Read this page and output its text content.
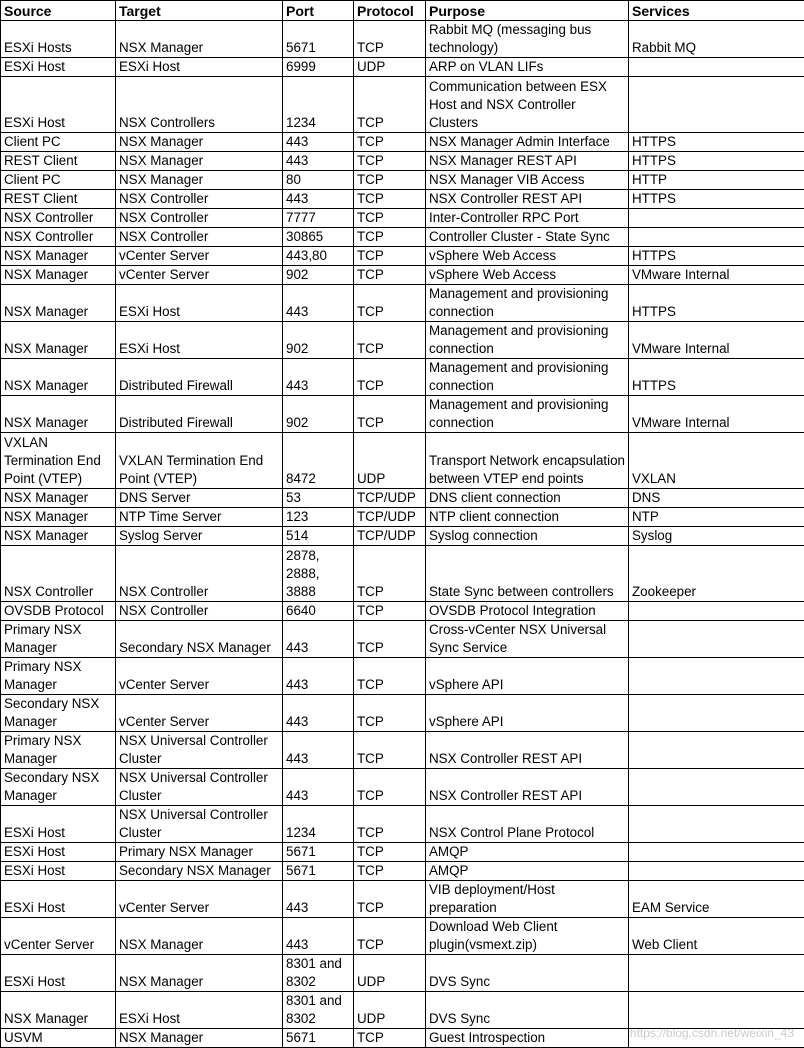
Source	Target	Port	Protocol	Purpose	Services
ESXi Hosts	NSX Manager	5671	TCP	Rabbit MQ (messaging bus technology)	Rabbit MQ
ESXi Host	ESXi Host	6999	UDP	ARP on VLAN LIFs	
ESXi Host	NSX Controllers	1234	TCP	Communication between ESX Host and NSX Controller Clusters	
Client PC	NSX Manager	443	TCP	NSX Manager Admin Interface	HTTPS
REST Client	NSX Manager	443	TCP	NSX Manager REST API	HTTPS
Client PC	NSX Manager	80	TCP	NSX Manager VIB Access	HTTP
REST Client	NSX Controller	443	TCP	NSX Controller REST API	HTTPS
NSX Controller	NSX Controller	7777	TCP	Inter-Controller RPC Port	
NSX Controller	NSX Controller	30865	TCP	Controller Cluster - State Sync	
NSX Manager	vCenter Server	443,80	TCP	vSphere Web Access	HTTPS
NSX Manager	vCenter Server	902	TCP	vSphere Web Access	VMware Internal
NSX Manager	ESXi Host	443	TCP	Management and provisioning connection	HTTPS
NSX Manager	ESXi Host	902	TCP	Management and provisioning connection	VMware Internal
NSX Manager	Distributed Firewall	443	TCP	Management and provisioning connection	HTTPS
NSX Manager	Distributed Firewall	902	TCP	Management and provisioning connection	VMware Internal
VXLAN Termination End Point (VTEP)	VXLAN Termination End Point (VTEP)	8472	UDP	Transport Network encapsulation between VTEP end points	VXLAN
NSX Manager	DNS Server	53	TCP/UDP	DNS client connection	DNS
NSX Manager	NTP Time Server	123	TCP/UDP	NTP client connection	NTP
NSX Manager	Syslog Server	514	TCP/UDP	Syslog connection	Syslog
NSX Controller	NSX Controller	2878, 2888, 3888	TCP	State Sync between controllers	Zookeeper
OVSDB Protocol	NSX Controller	6640	TCP	OVSDB Protocol Integration	
Primary NSX Manager	Secondary NSX Manager	443	TCP	Cross-vCenter NSX Universal Sync Service	
Primary NSX Manager	vCenter Server	443	TCP	vSphere API	
Secondary NSX Manager	vCenter Server	443	TCP	vSphere API	
Primary NSX Manager	NSX Universal Controller Cluster	443	TCP	NSX Controller REST API	
Secondary NSX Manager	NSX Universal Controller Cluster	443	TCP	NSX Controller REST API	
ESXi Host	NSX Universal Controller Cluster	1234	TCP	NSX Control Plane Protocol	
ESXi Host	Primary NSX Manager	5671	TCP	AMQP	
ESXi Host	Secondary NSX Manager	5671	TCP	AMQP	
ESXi Host	vCenter Server	443	TCP	VIB deployment/Host preparation	EAM Service
vCenter Server	NSX Manager	443	TCP	Download Web Client plugin(vsmext.zip)	Web Client
ESXi Host	NSX Manager	8301 and 8302	UDP	DVS Sync	
NSX Manager	ESXi Host	8301 and 8302	UDP	DVS Sync	
USVM	NSX Manager	5671	TCP	Guest Introspection		https://blog.csdn.net/weixin_43
